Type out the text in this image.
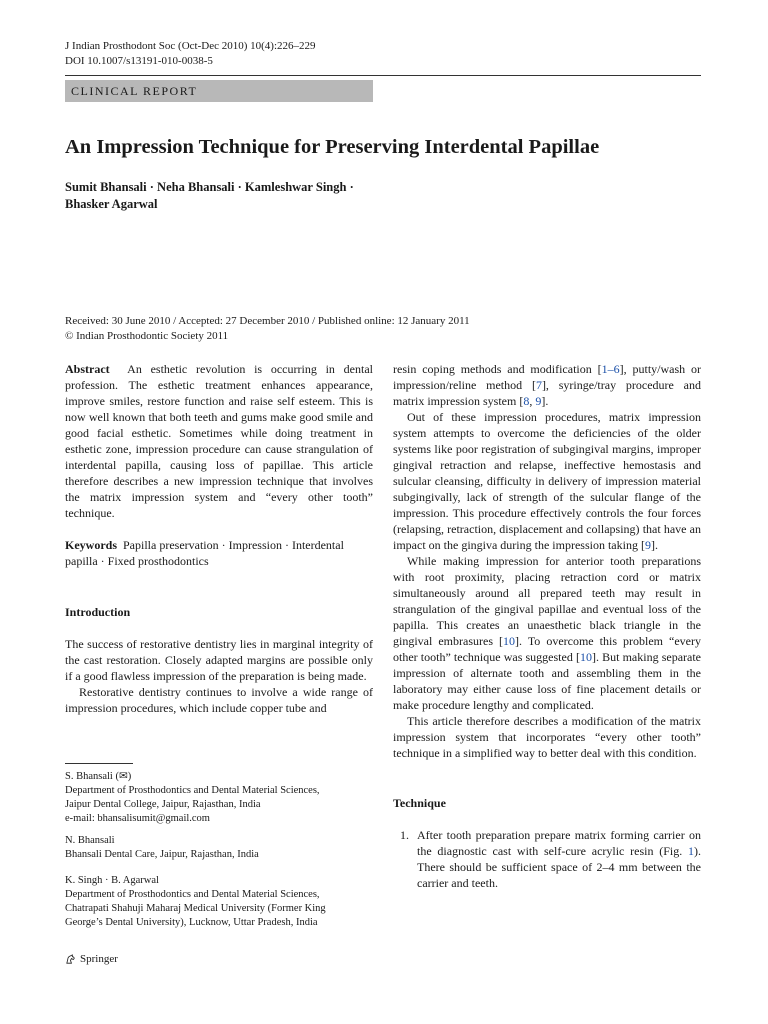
J Indian Prosthodont Soc (Oct-Dec 2010) 10(4):226–229
DOI 10.1007/s13191-010-0038-5
CLINICAL REPORT
An Impression Technique for Preserving Interdental Papillae
Sumit Bhansali · Neha Bhansali · Kamleshwar Singh · Bhasker Agarwal
Received: 30 June 2010 / Accepted: 27 December 2010 / Published online: 12 January 2011
© Indian Prosthodontic Society 2011

Abstract An esthetic revolution is occurring in dental profession. The esthetic treatment enhances appearance, improve smiles, restore function and raise self esteem. This is now well known that both teeth and gums make good smile and good facial esthetic. Sometimes while doing treatment in esthetic zone, impression procedure can cause strangulation of interdental papilla, causing loss of papillae. This article therefore describes a new impression technique that involves the matrix impression system and “every other tooth” technique.

Keywords Papilla preservation · Impression · Interdental papilla · Fixed prosthodontics

Introduction

The success of restorative dentistry lies in marginal integrity of the cast restoration. Closely adapted margins are possible only if a good flawless impression of the preparation is being made.

Restorative dentistry continues to involve a wide range of impression procedures, which include copper tube and

S. Bhansali (✉)
Department of Prosthodontics and Dental Material Sciences,
Jaipur Dental College, Jaipur, Rajasthan, India
e-mail: bhansalisumit@gmail.com
N. Bhansali
Bhansali Dental Care, Jaipur, Rajasthan, India
K. Singh · B. Agarwal
Department of Prosthodontics and Dental Material Sciences,
Chatrapati Shahuji Maharaj Medical University (Former King
George’s Dental University), Lucknow, Uttar Pradesh, India

resin coping methods and modification [1–6], putty/wash or impression/reline method [7], syringe/tray procedure and matrix impression system [8, 9].

Out of these impression procedures, matrix impression system attempts to overcome the deficiencies of the older systems like poor registration of subgingival margins, improper gingival retraction and relapse, ineffective hemostasis and sulcular cleansing, difficulty in delivery of impression material subgingivally, lack of strength of the sulcular flange of the impression. This procedure effectively controls the four forces (relapsing, retraction, displacement and collapsing) that have an impact on the gingiva during the impression taking [9].

While making impression for anterior tooth preparations with root proximity, placing retraction cord or matrix simultaneously around all prepared teeth may result in strangulation of the gingival papillae and eventual loss of the papilla. This creates an unaesthetic black triangle in the gingival embrasures [10]. To overcome this problem “every other tooth” technique was suggested [10]. But making separate impression of alternate tooth and assembling them in the laboratory may either cause loss of fine placement details or make procedure lengthy and complicated.

This article therefore describes a modification of the matrix impression system that incorporates “every other tooth” technique in a simplified way to better deal with this condition.

Technique

1. After tooth preparation prepare matrix forming carrier on the diagnostic cast with self-cure acrylic resin (Fig. 1). There should be sufficient space of 2–4 mm between the carrier and teeth.
Springer
